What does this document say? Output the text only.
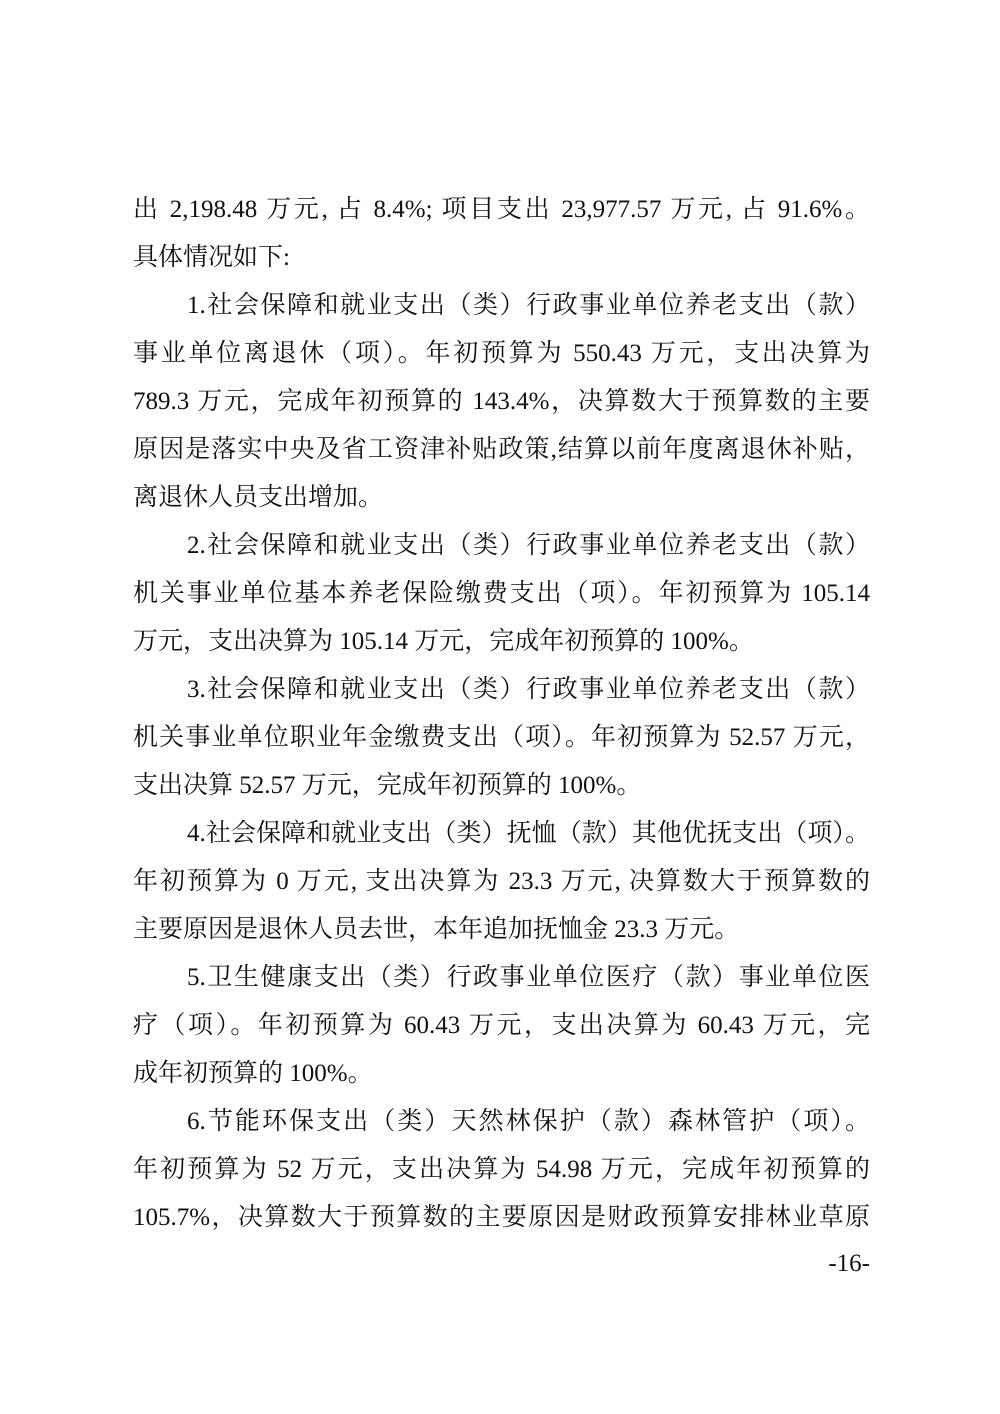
出 2,198.48 万元, 占 8.4%; 项目支出 23,977.57 万元, 占 91.6%。
具体情况如下:
1.社会保障和就业支出（类）行政事业单位养老支出（款）
事业单位离退休（项）。年初预算为 550.43 万元，支出决算为
789.3 万元，完成年初预算的 143.4%，决算数大于预算数的主要
原因是落实中央及省工资津补贴政策,结算以前年度离退休补贴，
离退休人员支出增加。
2.社会保障和就业支出（类）行政事业单位养老支出（款）
机关事业单位基本养老保险缴费支出（项）。年初预算为 105.14
万元，支出决算为 105.14 万元，完成年初预算的 100%。
3.社会保障和就业支出（类）行政事业单位养老支出（款）
机关事业单位职业年金缴费支出（项）。年初预算为 52.57 万元，
支出决算 52.57 万元，完成年初预算的 100%。
4.社会保障和就业支出（类）抚恤（款）其他优抚支出（项）。
年初预算为 0 万元, 支出决算为 23.3 万元, 决算数大于预算数的
主要原因是退休人员去世，本年追加抚恤金 23.3 万元。
5.卫生健康支出（类）行政事业单位医疗（款）事业单位医
疗（项）。年初预算为 60.43 万元，支出决算为 60.43 万元，完
成年初预算的 100%。
6.节能环保支出（类）天然林保护（款）森林管护（项）。
年初预算为 52 万元，支出决算为 54.98 万元，完成年初预算的
105.7%，决算数大于预算数的主要原因是财政预算安排林业草原
-16-
